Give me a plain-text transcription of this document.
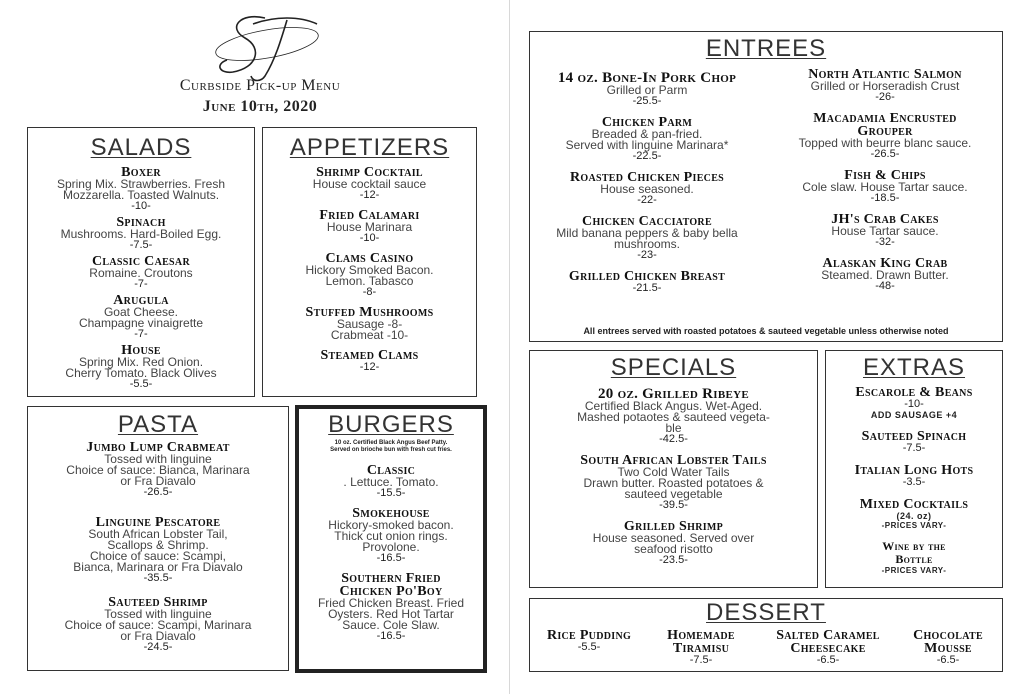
Curbside Pick-up Menu
June 10th, 2020
SALADS
Boxer
Spring Mix. Strawberries. Fresh
Mozzarella. Toasted Walnuts.
-10-
Spinach
Mushrooms. Hard-Boiled Egg.
-7.5-
Classic Caesar
Romaine. Croutons
-7-
Arugula
Goat Cheese.
Champagne vinaigrette
-7-
House
Spring Mix. Red Onion.
Cherry Tomato. Black Olives
-5.5-
APPETIZERS
Shrimp Cocktail
House cocktail sauce
-12-
Fried Calamari
House Marinara
-10-
Clams Casino
Hickory Smoked Bacon.
Lemon. Tabasco
-8-
Stuffed Mushrooms
Sausage -8-
Crabmeat -10-
Steamed Clams
-12-
PASTA
Jumbo Lump Crabmeat
Tossed with linguine
Choice of sauce: Bianca, Marinara
or Fra Diavalo
-26.5-
Linguine Pescatore
South African Lobster Tail,
Scallops & Shrimp.
Choice of sauce: Scampi,
Bianca, Marinara or Fra Diavalo
-35.5-
Sauteed Shrimp
Tossed with linguine
Choice of sauce: Scampi, Marinara
or Fra Diavalo
-24.5-
BURGERS
10 oz. Certified Black Angus Beef Patty.
Served on brioche bun with fresh cut fries.
Classic
. Lettuce. Tomato.
-15.5-
Smokehouse
Hickory-smoked bacon.
Thick cut onion rings.
Provolone.
-16.5-
Southern Fried Chicken Po'Boy
Fried Chicken Breast. Fried
Oysters. Red Hot Tartar
Sauce. Cole Slaw.
-16.5-
ENTREES
14 oz. Bone-In Pork Chop
Grilled or Parm
-25.5-
Chicken Parm
Breaded & pan-fried.
Served with linguine Marinara*
-22.5-
Roasted Chicken Pieces
House seasoned.
-22-
Chicken Cacciatore
Mild banana peppers & baby bella
mushrooms.
-23-
Grilled Chicken Breast
-21.5-
North Atlantic Salmon
Grilled or Horseradish Crust
-26-
Macadamia Encrusted Grouper
Topped with beurre blanc sauce.
-26.5-
Fish & Chips
Cole slaw. House Tartar sauce.
-18.5-
JH's Crab Cakes
House Tartar sauce.
-32-
Alaskan King Crab
Steamed. Drawn Butter.
-48-
All entrees served with roasted potatoes & sauteed vegetable unless otherwise noted
SPECIALS
20 oz. Grilled Ribeye
Certified Black Angus. Wet-Aged.
Mashed potaotes & sauteed vegeta-
ble
-42.5-
South African Lobster Tails
Two Cold Water Tails
Drawn butter. Roasted potatoes &
sauteed vegetable
-39.5-
Grilled Shrimp
House seasoned. Served over
seafood risotto
-23.5-
EXTRAS
Escarole & Beans
-10-
ADD SAUSAGE +4
Sauteed Spinach
-7.5-
Italian Long Hots
-3.5-
Mixed Cocktails
(24. oz)
-PRICES VARY-
Wine by the Bottle
-PRICES VARY-
DESSERT
Rice Pudding
-5.5-
Homemade Tiramisu
-7.5-
Salted Caramel Cheesecake
-6.5-
Chocolate Mousse
-6.5-
